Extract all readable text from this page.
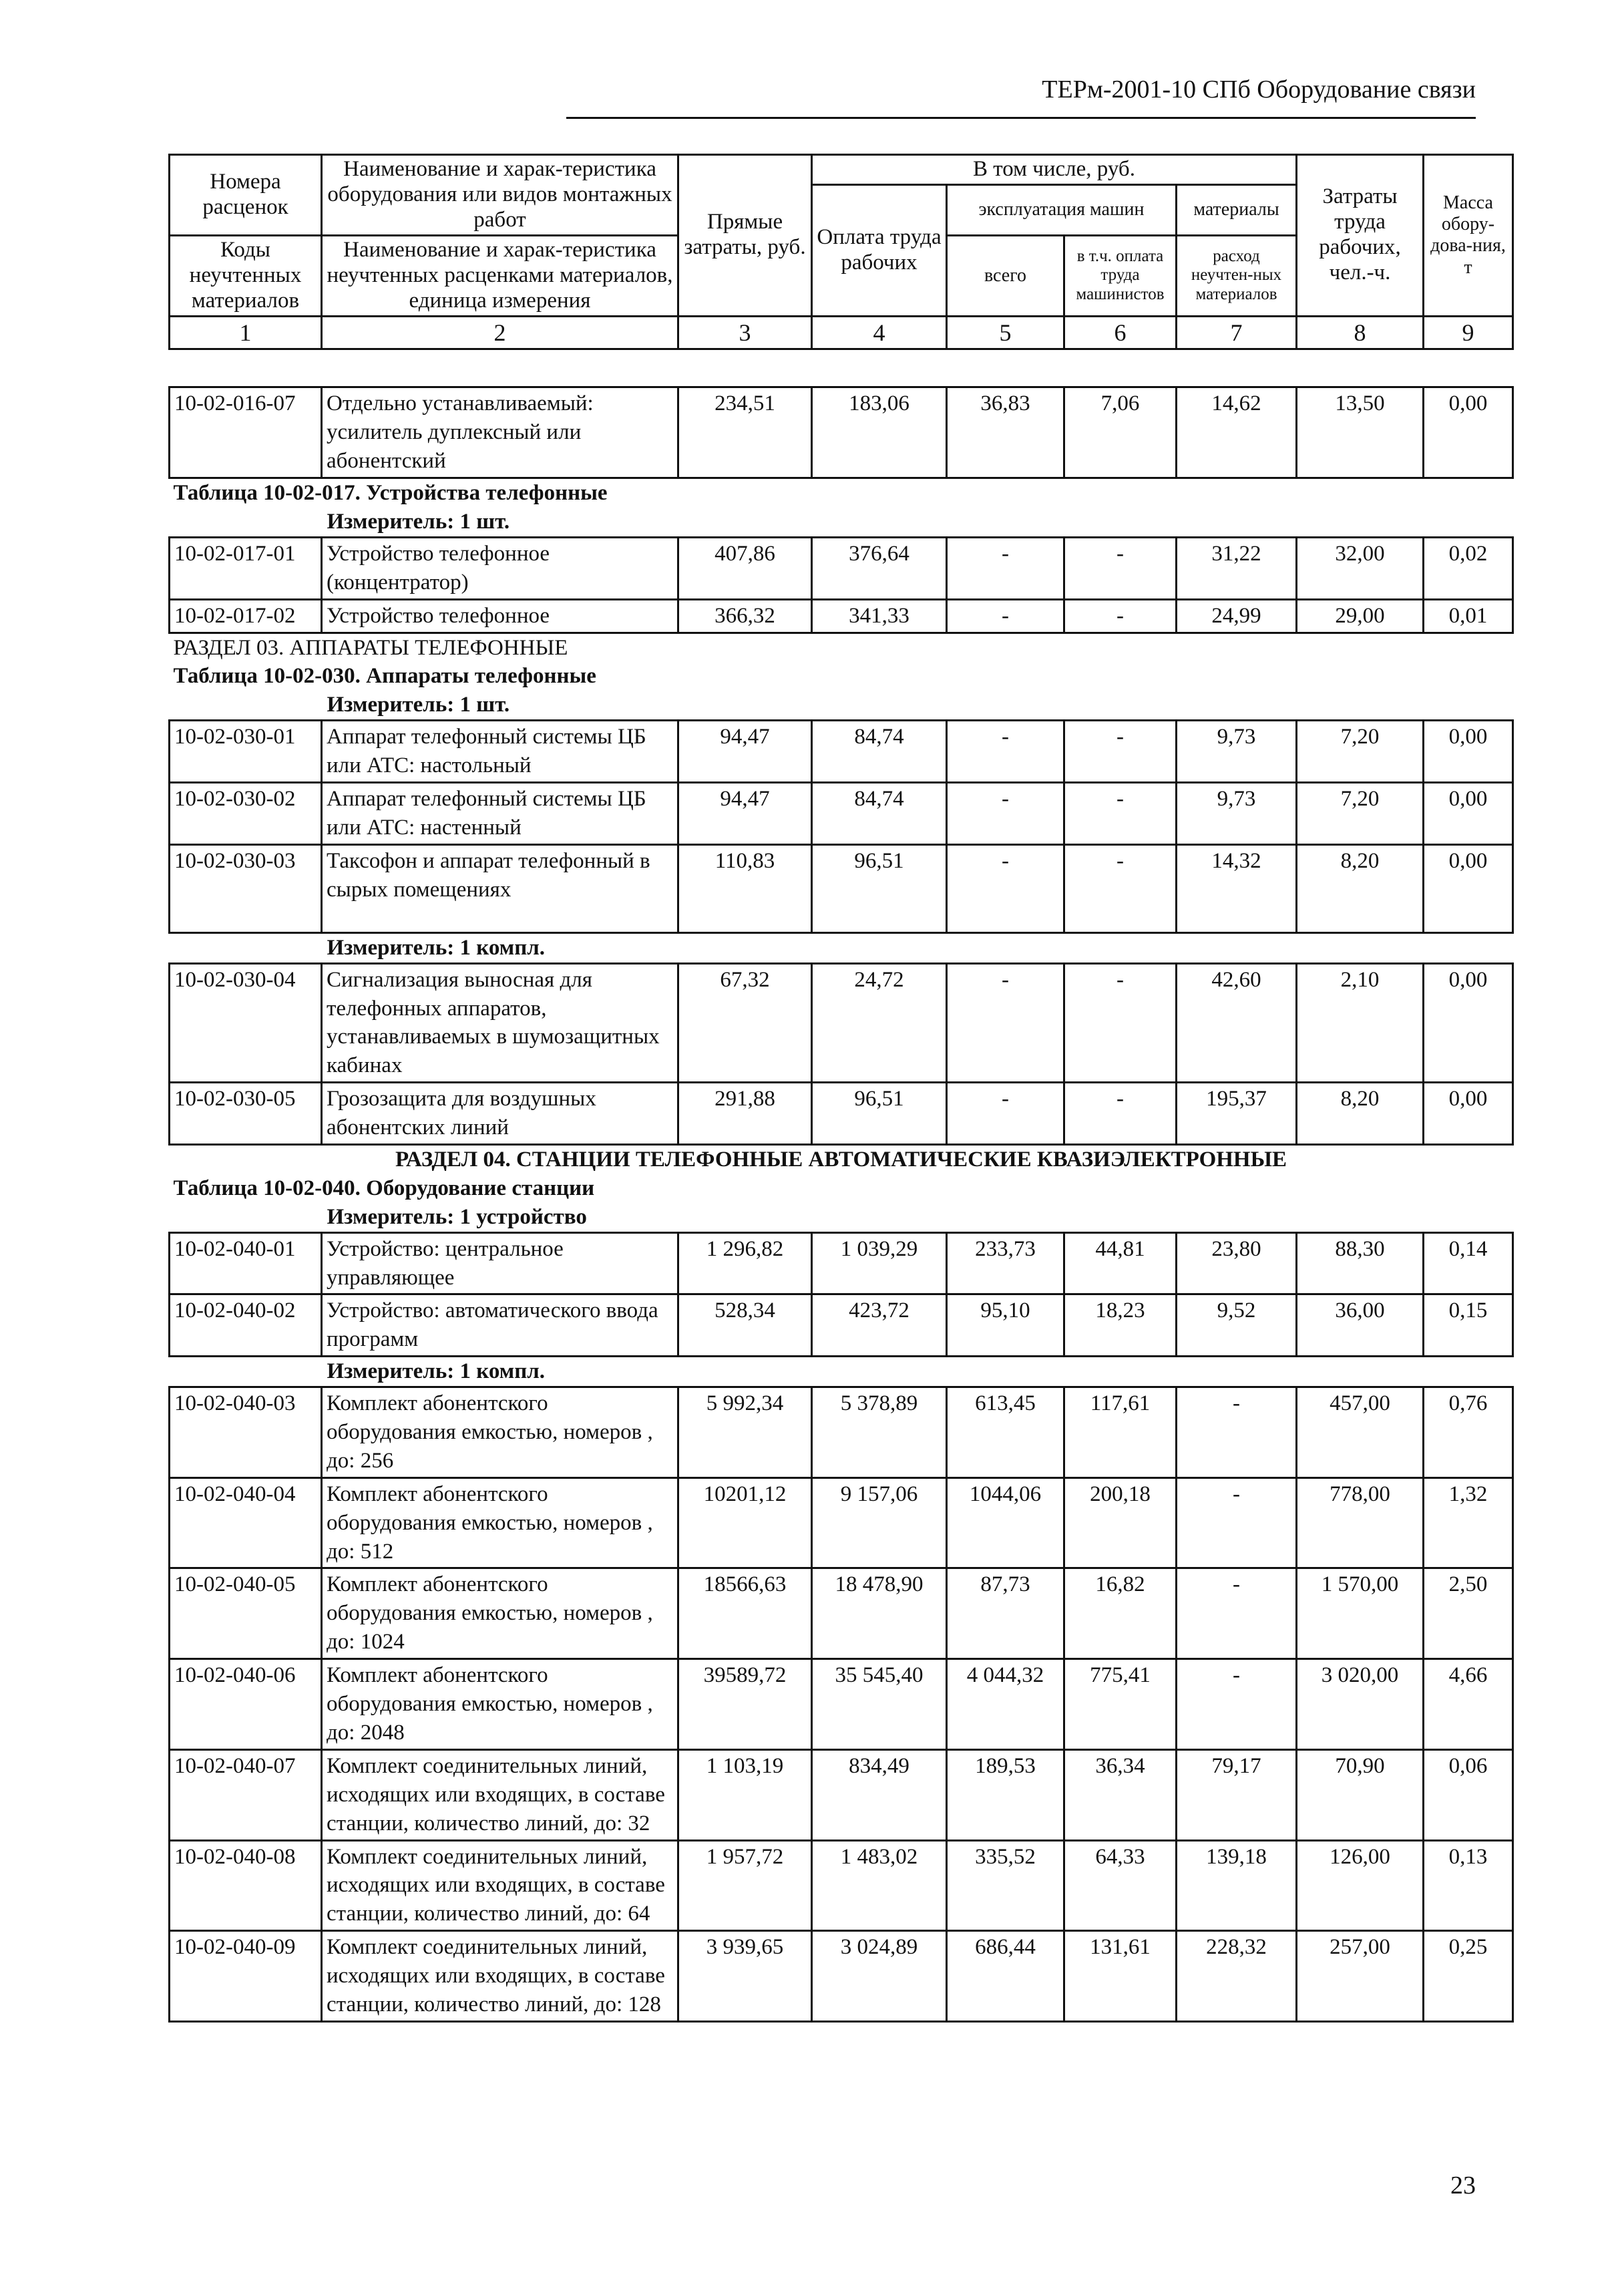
ТЕРм-2001-10 СПб Оборудование связи
Номера
расценок	Наименование и харак-теристика оборудования или видов монтажных работ	Прямые затраты, руб.	В том числе, руб.				Затраты труда рабочих, чел.-ч.	Масса обору-дова-ния, т
			Оплата труда рабочих	эксплуатация машин		материалы		

Коды
неучтенных
материалов	Наименование и харак-теристика неучтенных расценками материалов, единица измерения			всего	в т.ч. оплата труда машинистов	расход неучтен-ных материалов		

1	2	3	4	5	6	7	8	9

10-02-016-07	Отдельно устанавливаемый: усилитель дуплексный или абонентский	234,51	183,06	36,83	7,06	14,62	13,50	0,00
Таблица 10-02-017. Устройства телефонные								
Измеритель: 1 шт.								
10-02-017-01	Устройство телефонное (концентратор)	407,86	376,64	-	-	31,22	32,00	0,02
10-02-017-02	Устройство телефонное	366,32	341,33	-	-	24,99	29,00	0,01
РАЗДЕЛ 03. АППАРАТЫ ТЕЛЕФОННЫЕ								
Таблица 10-02-030. Аппараты телефонные								
Измеритель: 1 шт.								
10-02-030-01	Аппарат телефонный системы ЦБ или АТС: настольный	94,47	84,74	-	-	9,73	7,20	0,00
10-02-030-02	Аппарат телефонный системы ЦБ или АТС: настенный	94,47	84,74	-	-	9,73	7,20	0,00
10-02-030-03	Таксофон и аппарат телефонный в сырых помещениях	110,83	96,51	-	-	14,32	8,20	0,00
Измеритель: 1 компл.								
10-02-030-04	Сигнализация выносная для телефонных аппаратов, устанавливаемых в шумозащитных кабинах	67,32	24,72	-	-	42,60	2,10	0,00
10-02-030-05	Грозозащита для воздушных абонентских линий	291,88	96,51	-	-	195,37	8,20	0,00
РАЗДЕЛ 04. СТАНЦИИ ТЕЛЕФОННЫЕ АВТОМАТИЧЕСКИЕ КВАЗИЭЛЕКТРОННЫЕ								
Таблица 10-02-040. Оборудование станции								
Измеритель: 1 устройство								
10-02-040-01	Устройство: центральное управляющее	1 296,82	1 039,29	233,73	44,81	23,80	88,30	0,14
10-02-040-02	Устройство: автоматического ввода программ	528,34	423,72	95,10	18,23	9,52	36,00	0,15
Измеритель: 1 компл.								
10-02-040-03	Комплект абонентского оборудования емкостью, номеров , до: 256	5 992,34	5 378,89	613,45	117,61	-	457,00	0,76
10-02-040-04	Комплект абонентского оборудования емкостью, номеров , до: 512	10201,12	9 157,06	1044,06	200,18	-	778,00	1,32
10-02-040-05	Комплект абонентского оборудования емкостью, номеров , до: 1024	18566,63	18 478,90	87,73	16,82	-	1 570,00	2,50
10-02-040-06	Комплект абонентского оборудования емкостью, номеров , до: 2048	39589,72	35 545,40	4 044,32	775,41	-	3 020,00	4,66
10-02-040-07	Комплект соединительных линий, исходящих или входящих, в составе станции, количество линий, до: 32	1 103,19	834,49	189,53	36,34	79,17	70,90	0,06
10-02-040-08	Комплект соединительных линий, исходящих или входящих, в составе станции, количество линий, до: 64	1 957,72	1 483,02	335,52	64,33	139,18	126,00	0,13
10-02-040-09	Комплект соединительных линий, исходящих или входящих, в составе станции, количество линий, до: 128	3 939,65	3 024,89	686,44	131,61	228,32	257,00	0,25
23
